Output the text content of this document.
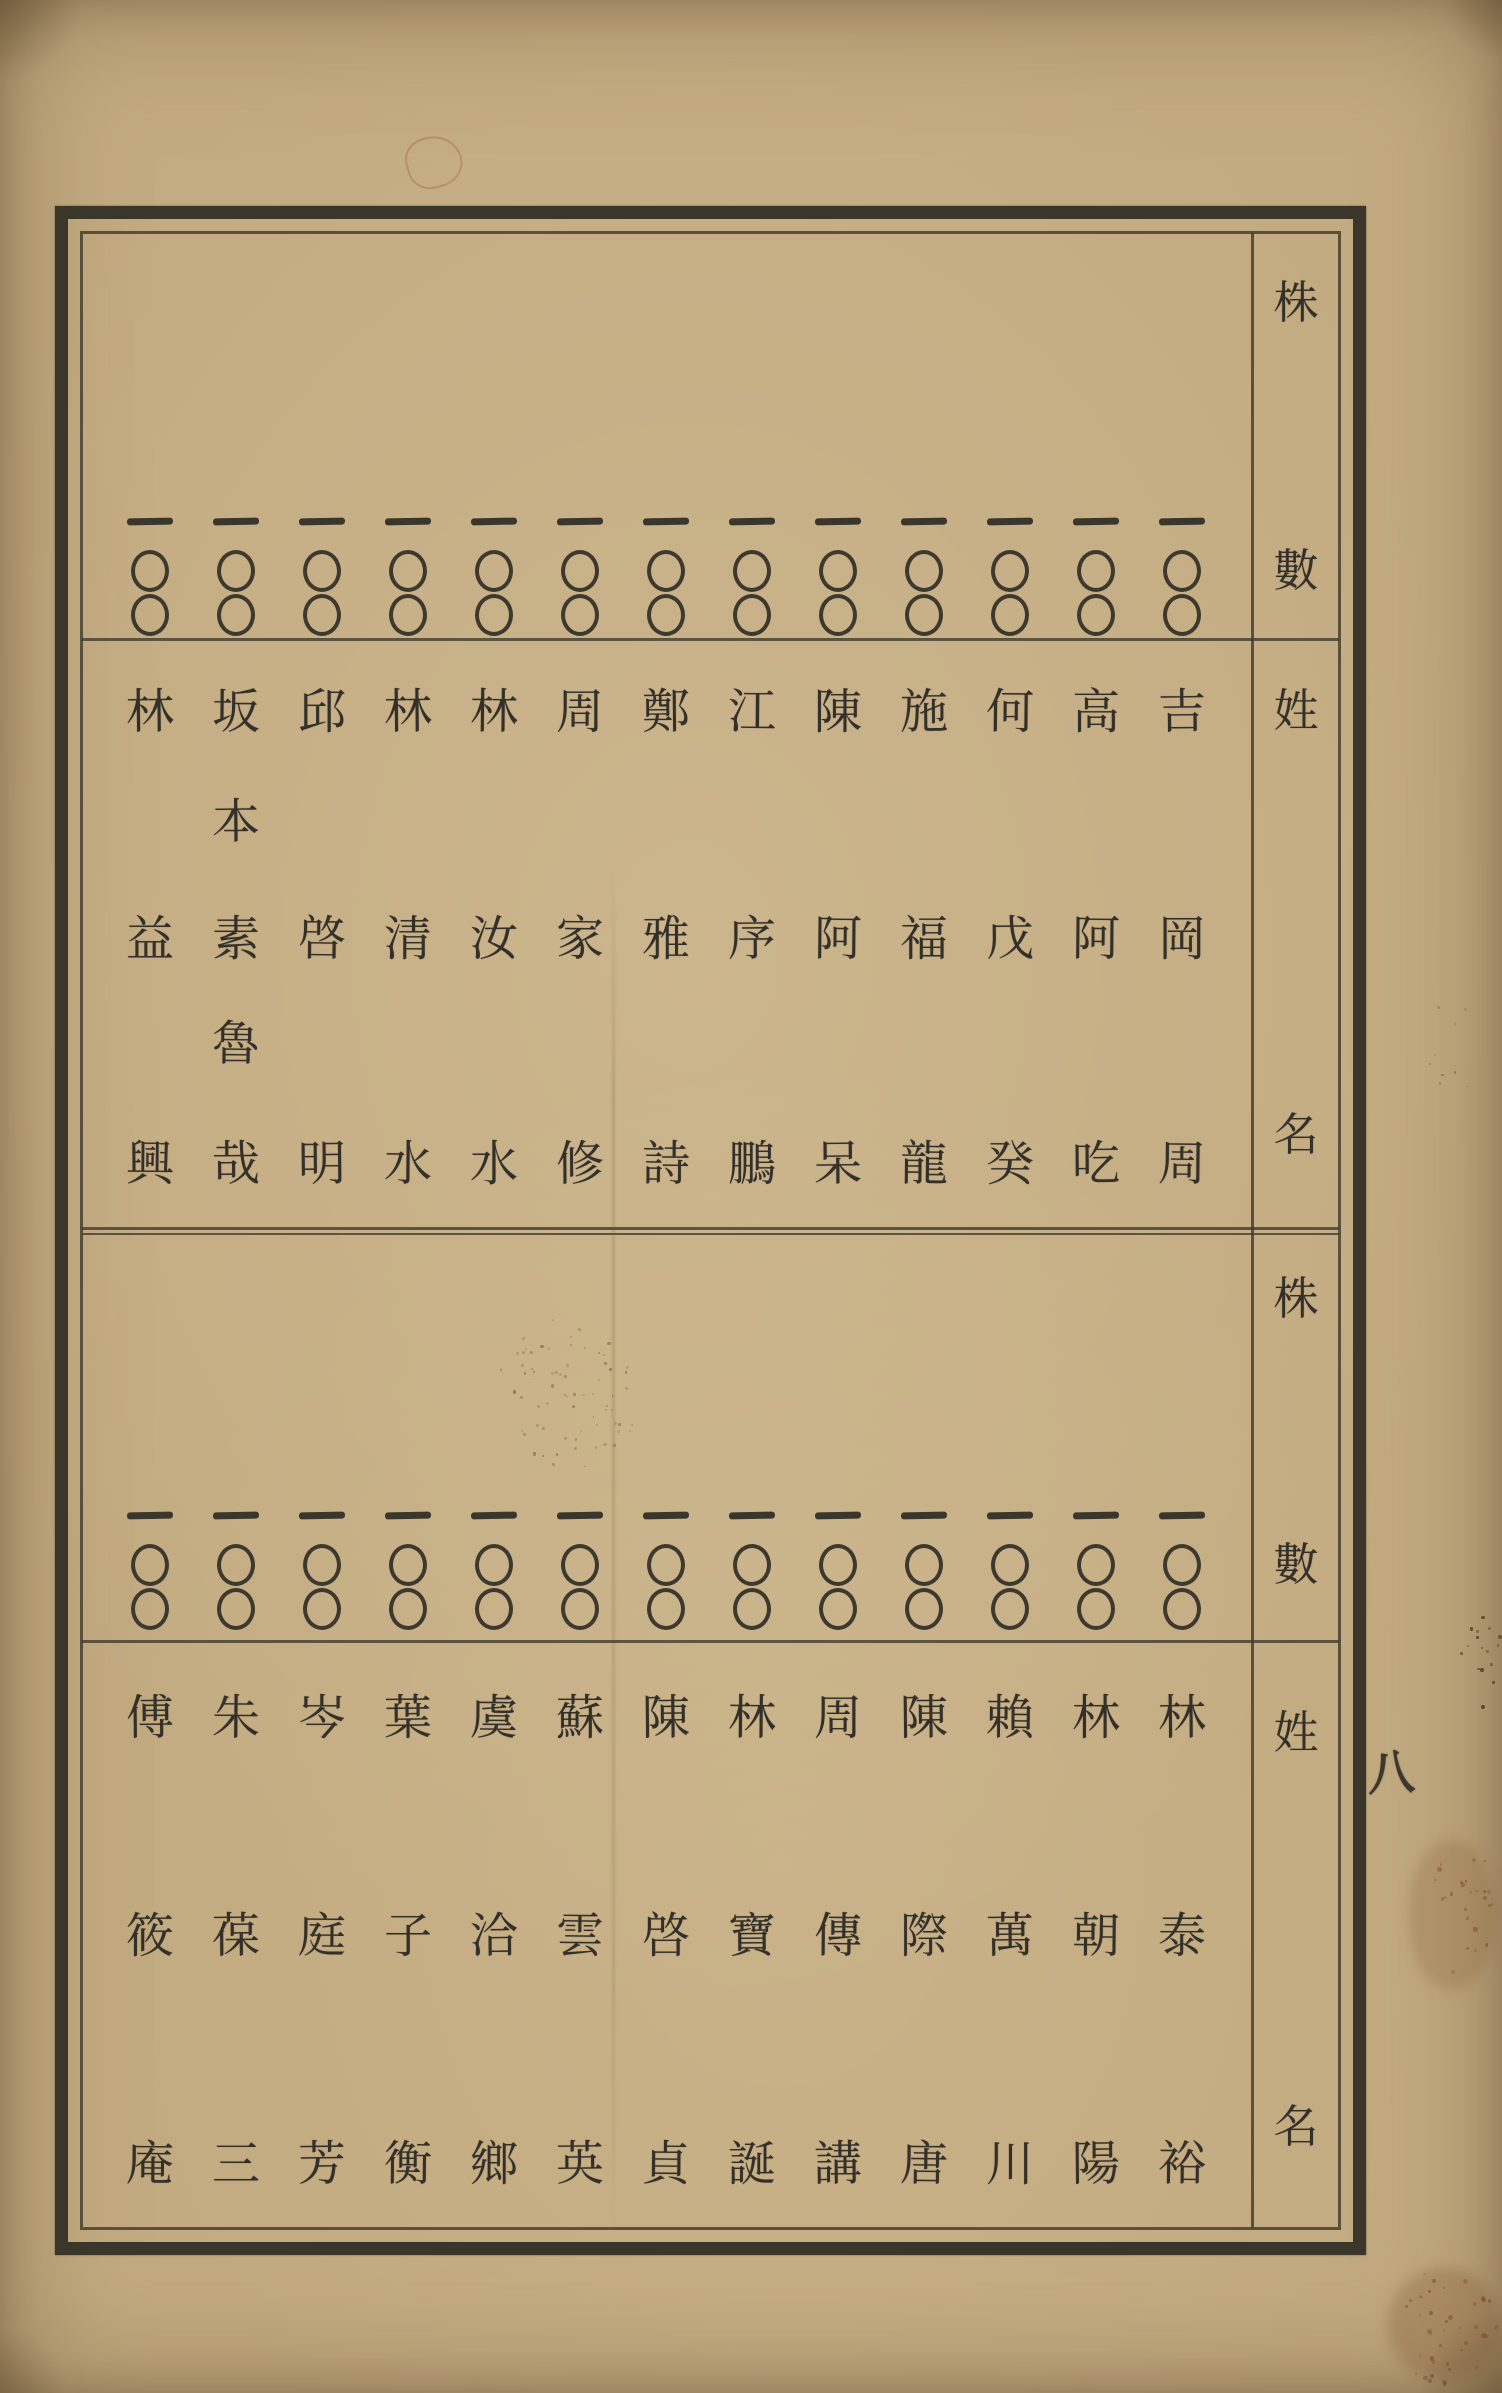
株
數
姓
名
株
數
姓
名
八
吉
岡
周
高
阿
吃
何
戊
癸
施
福
龍
陳
阿
呆
江
序
鵬
鄭
雅
詩
周
家
修
林
汝
水
林
清
水
邱
啓
明
坂
本
素
魯
哉
林
益
興
林
泰
裕
林
朝
陽
賴
萬
川
陳
際
唐
周
傳
講
林
寶
誕
陳
啓
貞
蘇
雲
英
虞
洽
鄉
葉
子
衡
岑
庭
芳
朱
葆
三
傅
筱
庵
